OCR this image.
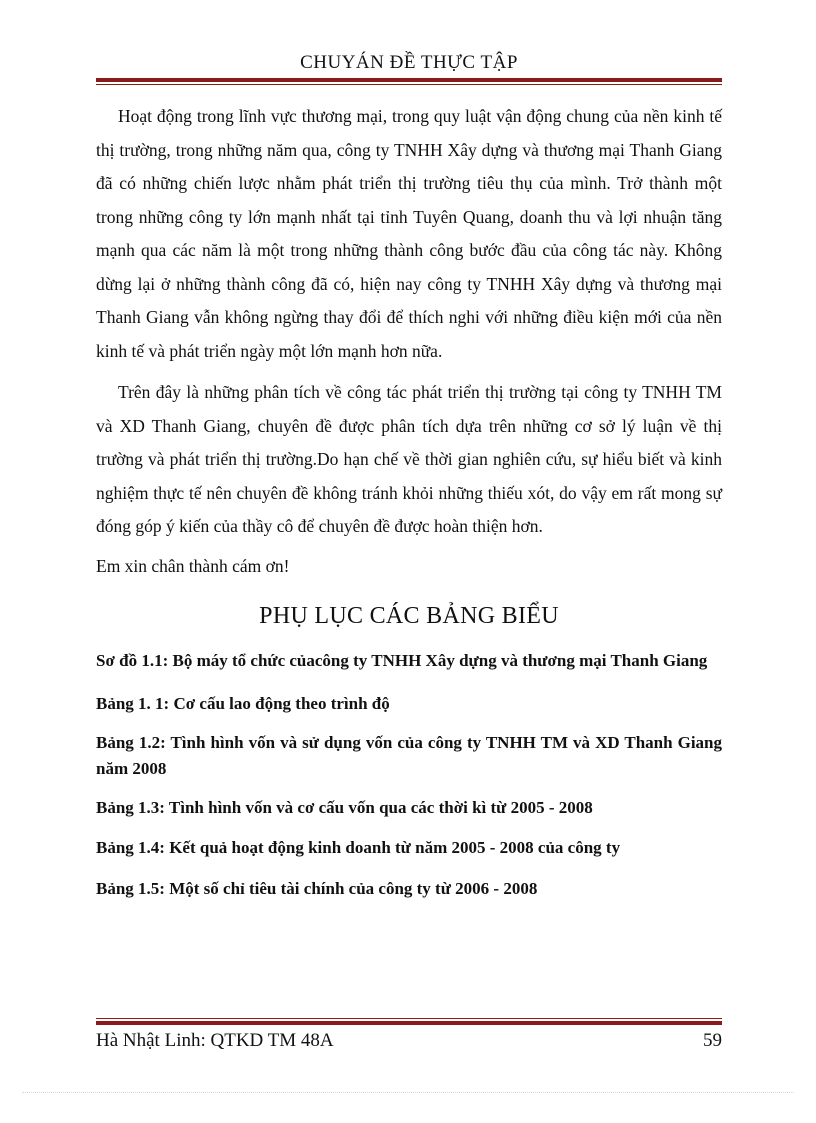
CHUYÁN ĐỀ THỰC TẬP

Hoạt động trong lĩnh vực thương mại, trong quy luật vận động chung của nền kinh tế thị trường, trong những năm qua, công ty TNHH Xây dựng và thương mại Thanh Giang đã có những chiến lược nhằm phát triển thị trường tiêu thụ của mình. Trở thành một trong những công ty lớn mạnh nhất tại tỉnh Tuyên Quang, doanh thu và lợi nhuận tăng mạnh qua các năm là một trong những thành công bước đầu của công tác này. Không dừng lại ở những thành công đã có, hiện nay công ty TNHH Xây dựng và thương mại Thanh Giang vẫn không ngừng thay đổi để thích nghi với những điều kiện mới của nền kinh tế và phát triển ngày một lớn mạnh hơn nữa.

Trên đây là những phân tích về công tác phát triển thị trường tại công ty TNHH TM và XD Thanh Giang, chuyên đề được phân tích dựa trên những cơ sở lý luận về thị trường và phát triển thị trường.Do hạn chế về thời gian nghiên cứu, sự hiểu biết và kinh nghiệm thực tế nên chuyên đề không tránh khỏi những thiếu xót, do vậy em rất mong sự đóng góp ý kiến của thầy cô để chuyên đề được hoàn thiện hơn.

Em xin chân thành cám ơn!

PHỤ LỤC CÁC BẢNG BIỂU

Sơ đồ 1.1: Bộ máy tổ chức củacông ty TNHH Xây dựng và thương mại Thanh Giang

Bảng 1. 1: Cơ cấu lao động theo trình độ

Bảng 1.2: Tình hình vốn và sử dụng vốn của công ty TNHH TM và XD Thanh Giang năm 2008

Bảng 1.3: Tình hình vốn và cơ cấu vốn qua các thời kì từ 2005 - 2008

Bảng 1.4: Kết quả hoạt động kinh doanh từ năm 2005 - 2008 của công ty

Bảng 1.5: Một số chỉ tiêu tài chính của công ty từ 2006 - 2008

Hà Nhật Linh: QTKD TM 48A	59
